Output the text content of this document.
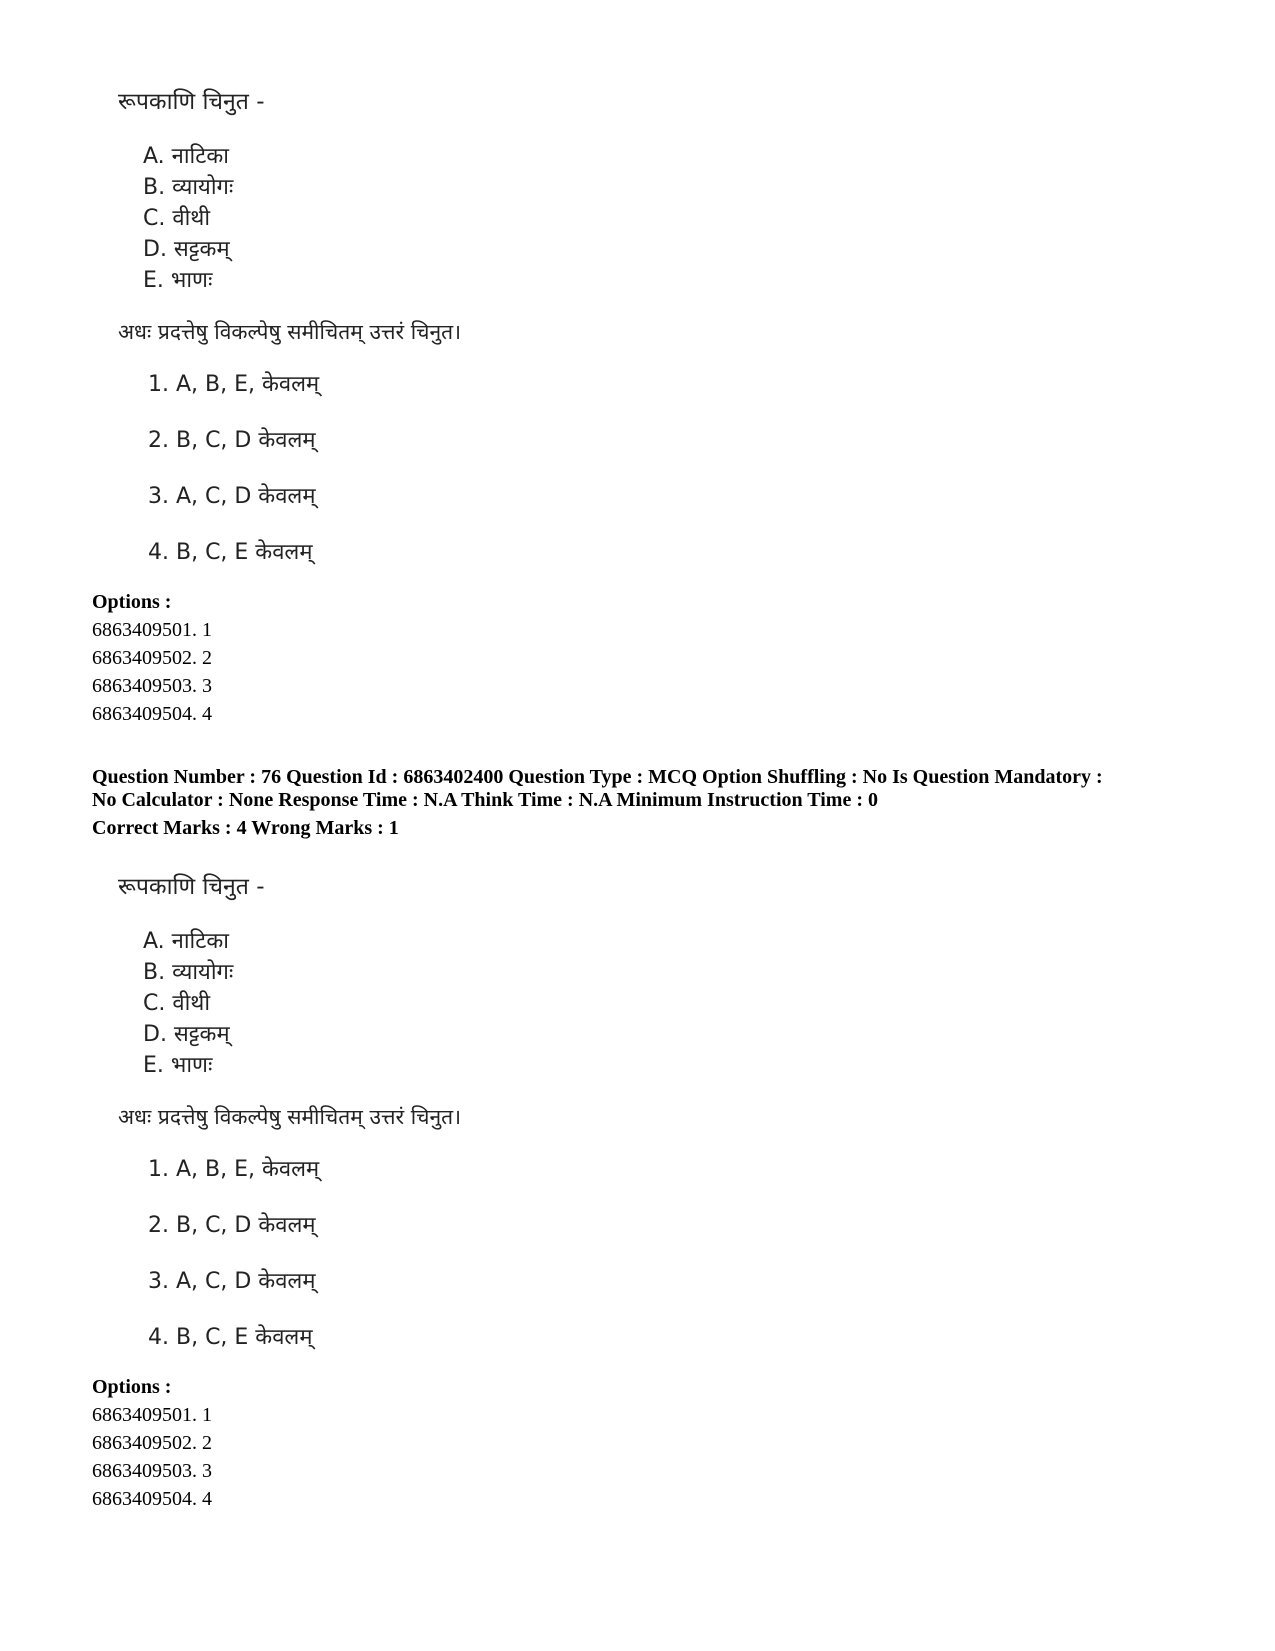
रूपकाणि चिनुत -
A. नाटिका
B. व्यायोगः
C. वीथी
D. सट्टकम्
E. भाणः
अधः प्रदत्तेषु विकल्पेषु समीचितम् उत्तरं चिनुत।
1. A, B, E, केवलम्
2. B, C, D केवलम्
3. A, C, D केवलम्
4. B, C, E केवलम्
Options :
6863409501. 1
6863409502. 2
6863409503. 3
6863409504. 4
Question Number : 76 Question Id : 6863402400 Question Type : MCQ Option Shuffling : No Is Question Mandatory :
No Calculator : None Response Time : N.A Think Time : N.A Minimum Instruction Time : 0
Correct Marks : 4 Wrong Marks : 1
रूपकाणि चिनुत -
A. नाटिका
B. व्यायोगः
C. वीथी
D. सट्टकम्
E. भाणः
अधः प्रदत्तेषु विकल्पेषु समीचितम् उत्तरं चिनुत।
1. A, B, E, केवलम्
2. B, C, D केवलम्
3. A, C, D केवलम्
4. B, C, E केवलम्
Options :
6863409501. 1
6863409502. 2
6863409503. 3
6863409504. 4
